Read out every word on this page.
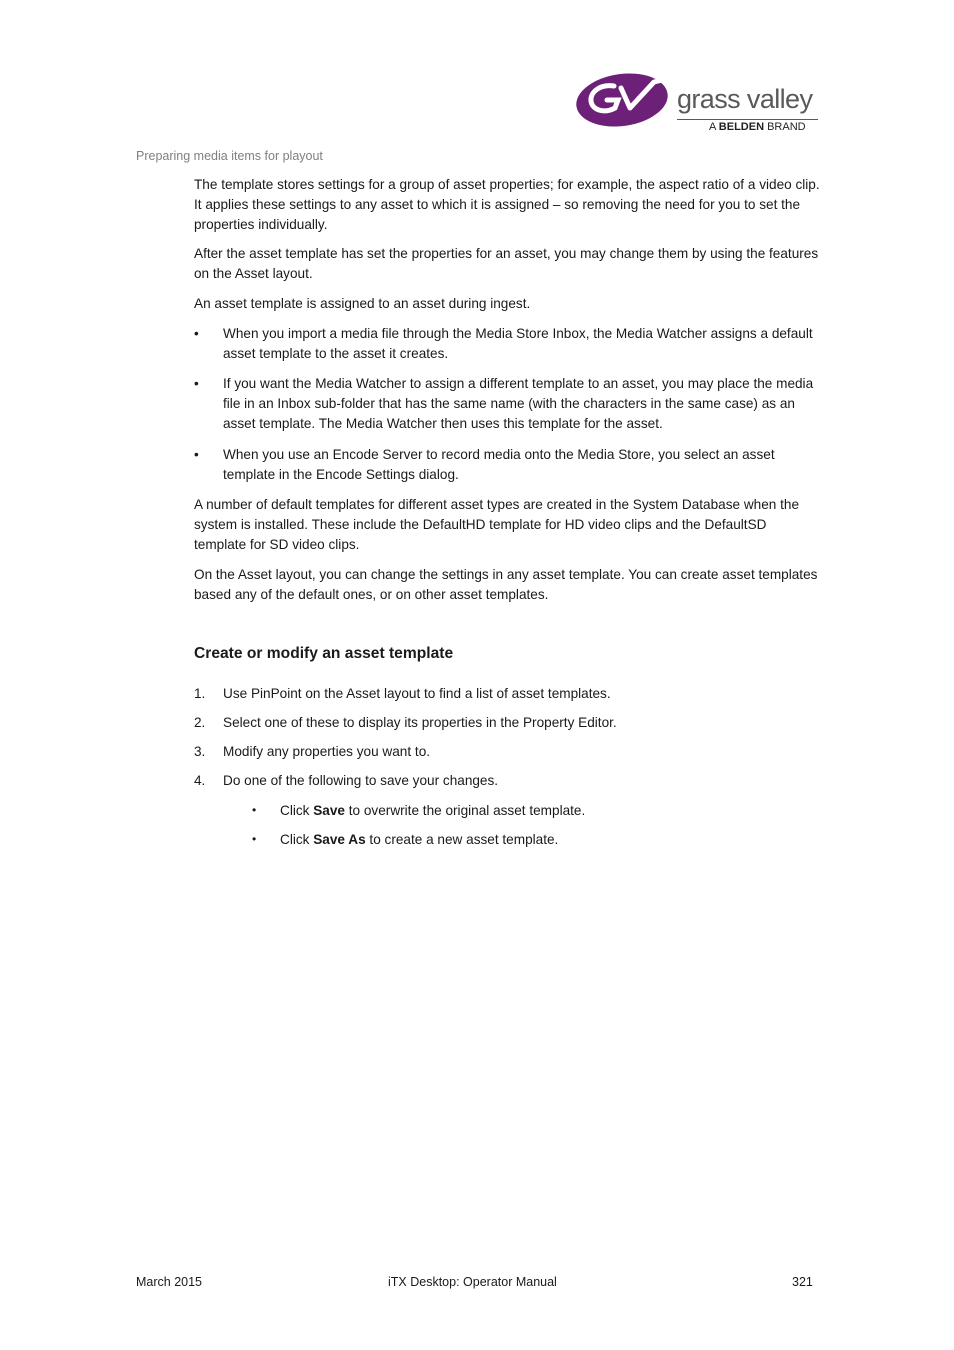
grass valley
A BELDEN BRAND
Preparing media items for playout

The template stores settings for a group of asset properties; for example, the aspect ratio of a video clip. It applies these settings to any asset to which it is assigned – so removing the need for you to set the properties individually.

After the asset template has set the properties for an asset, you may change them by using the features on the Asset layout.

An asset template is assigned to an asset during ingest.

• When you import a media file through the Media Store Inbox, the Media Watcher assigns a default asset template to the asset it creates.
• If you want the Media Watcher to assign a different template to an asset, you may place the media file in an Inbox sub-folder that has the same name (with the characters in the same case) as an asset template. The Media Watcher then uses this template for the asset.
• When you use an Encode Server to record media onto the Media Store, you select an asset template in the Encode Settings dialog.

A number of default templates for different asset types are created in the System Database when the system is installed. These include the DefaultHD template for HD video clips and the DefaultSD template for SD video clips.

On the Asset layout, you can change the settings in any asset template. You can create asset templates based any of the default ones, or on other asset templates.

Create or modify an asset template
1. Use PinPoint on the Asset layout to find a list of asset templates.
2. Select one of these to display its properties in the Property Editor.
3. Modify any properties you want to.
4. Do one of the following to save your changes.
• Click Save to overwrite the original asset template.
• Click Save As to create a new asset template.
March 2015	iTX Desktop: Operator Manual	321
